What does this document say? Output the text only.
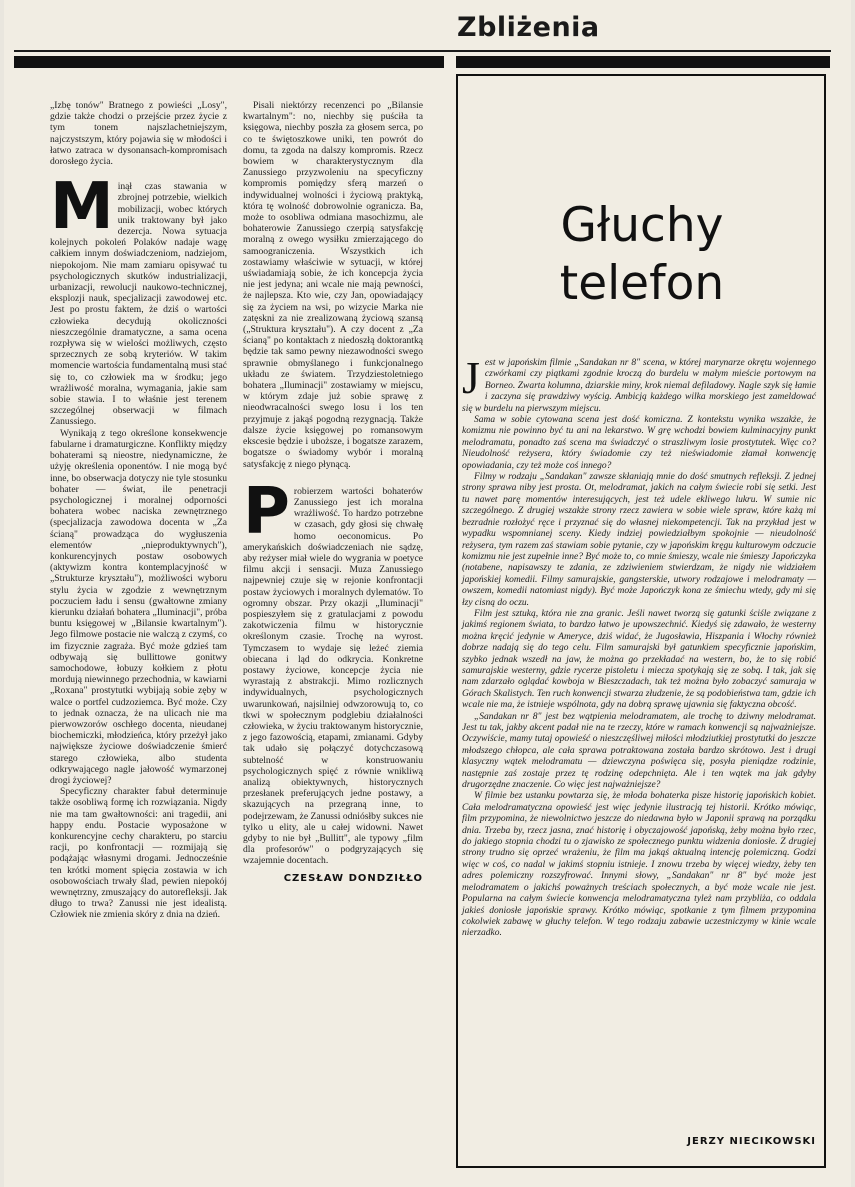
Zbliżenia

„Izbę tonów" Bratnego z powieści „Losy", gdzie także chodzi o przejście przez życie z tym tonem najszlachetniejszym, najczystszym, który pojawia się w młodości i łatwo zatraca w dysonansach-kompromisach dorosłego życia.

Minął czas stawania w zbrojnej potrzebie, wielkich mobilizacji, wobec których unik traktowany był jako dezercja. Nowa sytuacja kolejnych pokoleń Polaków nadaje wagę całkiem innym doświadczeniom, nadziejom, niepokojom. Nie mam zamiaru opisywać tu psychologicznych skutków industrializacji, urbanizacji, rewolucji naukowo-technicznej, eksplozji nauk, specjalizacji zawodowej etc. Jest po prostu faktem, że dziś o wartości człowieka decydują okoliczności nieszczególnie dramatyczne, a sama ocena rozpływa się w wielości możliwych, często sprzecznych ze sobą kryteriów. W takim momencie wartościa fundamentalną musi stać się to, co człowiek ma w środku; jego wrażliwość moralna, wymagania, jakie sam sobie stawia. I to właśnie jest terenem szczególnej obserwacji w filmach Zanussiego.

Wynikają z tego określone konsekwencje fabularne i dramaturgiczne. Konflikty między bohaterami są nieostre, niedynamiczne, że użyję określenia oponentów. I nie mogą być inne, bo obserwacja dotyczy nie tyle stosunku bohater — świat, ile penetracji psychologicznej i moralnej odporności bohatera wobec naciska zewnętrznego (specjalizacja zawodowa docenta w „Za ścianą" prowadząca do wygłuszenia elementów „nieproduktywnych"), konkurencyjnych postaw osobowych (aktywizm kontra kontemplacyjność w „Strukturze kryształu"), możliwości wyboru stylu życia w zgodzie z wewnętrznym poczuciem ładu i sensu (gwałtowne zmiany kierunku działań bohatera „Iluminacji", próba buntu księgowej w „Bilansie kwartalnym"). Jego filmowe postacie nie walczą z czymś, co im fizycznie zagraża. Być może gdzieś tam odbywają się bullittowe gonitwy samochodowe, łobuzy kołkiem z płotu mordują niewinnego przechodnia, w kawiarni „Roxana" prostytutki wybijają sobie zęby w walce o portfel cudzoziemca. Być może. Czy to jednak oznacza, że na ulicach nie ma pierwowzorów oschłego docenta, nieudanej biochemiczki, młodzieńca, który przeżył jako największe życiowe doświadczenie śmierć starego człowieka, albo studenta odkrywającego nagle jałowość wymarzonej drogi życiowej?

Specyficzny charakter fabuł determinuje także osobliwą formę ich rozwiązania. Nigdy nie ma tam gwałtowności: ani tragedii, ani happy endu. Postacie wyposażone w konkurencyjne cechy charakteru, po starciu racji, po konfrontacji — rozmijają się podążając własnymi drogami. Jednocześnie ten krótki moment spięcia zostawia w ich osobowościach trwały ślad, pewien niepokój wewnętrzny, zmuszający do autorefleksji. Jak długo to trwa? Zanussi nie jest idealistą. Człowiek nie zmienia skóry z dnia na dzień.

Pisali niektórzy recenzenci po „Bilansie kwartalnym": no, niechby się puściła ta księgowa, niechby poszła za głosem serca, po co te świętoszkowe uniki, ten powrót do domu, ta zgoda na dalszy kompromis. Rzecz bowiem w charakterystycznym dla Zanussiego przyzwoleniu na specyficzny kompromis pomiędzy sferą marzeń o indywidualnej wolności i życiową praktyką, która tę wolność dobrowolnie ogranicza. Ba, może to osobliwa odmiana masochizmu, ale bohaterowie Zanussiego czerpią satysfakcję moralną z owego wysiłku zmierzającego do samoograniczenia. Wszystkich ich zostawiamy właściwie w sytuacji, w której uświadamiają sobie, że ich koncepcja życia nie jest jedyna; ani wcale nie mają pewności, że najlepsza. Kto wie, czy Jan, opowiadający się za życiem na wsi, po wizycie Marka nie zatęskni za nie zrealizowaną życiową szansą („Struktura kryształu"). A czy docent z „Za ścianą" po kontaktach z niedoszłą doktorantką będzie tak samo pewny niezawodności swego sprawnie obmyślanego i funkcjonalnego układu ze światem. Trzydziestoletniego bohatera „Iluminacji" zostawiamy w miejscu, w którym zdaje już sobie sprawę z nieodwracalności swego losu i los ten przyjmuje z jakąś pogodną rezygnacją. Także dalsze życie księgowej po romansowym ekscesie będzie i uboższe, i bogatsze zarazem, bogatsze o świadomy wybór i moralną satysfakcję z niego płynącą.

Probierzem wartości bohaterów Zanussiego jest ich moralna wrażliwość. To hardzo potrzebne w czasach, gdy głosi się chwałę homo oeconomicus. Po amerykańskich doświadczeniach nie sądzę, aby reżyser miał wiele do wygrania w poetyce filmu akcji i sensacji. Muza Zanussiego najpewniej czuje się w rejonie konfrontacji postaw życiowych i moralnych dylematów. To ogromny obszar. Przy okazji „Iluminacji" pospieszyłem się z gratulacjami z powodu zakotwiczenia filmu w historycznie określonym czasie. Trochę na wyrost. Tymczasem to wydaje się leżeć ziemia obiecana i ląd do odkrycia. Konkretne postawy życiowe, koncepcje życia nie wyrastają z abstrakcji. Mimo rozlicznych indywidualnych, psychologicznych uwarunkowań, najsilniej odwzorowują to, co tkwi w społecznym podglebiu działalności człowieka, w życiu traktowanym historycznie, z jego fazowością, etapami, zmianami. Gdyby tak udało się połączyć dotychczasową subtelność w konstruowaniu psychologicznych spięć z równie wnikliwą analizą obiektywnych, historycznych przesłanek preferujących jedne postawy, a skazujących na przegraną inne, to podejrzewam, że Zanussi odniósłby sukces nie tylko u elity, ale u całej widowni. Nawet gdyby to nie był „Bullitt", ale typowy „film dla profesorów" o podgryzających się wzajemnie docentach.

CZESŁAW DONDZIŁŁO
Głuchy
telefon

Jest w japońskim filmie „Sandakan nr 8" scena, w której marynarze okrętu wojennego czwórkami czy piątkami zgodnie kroczą do burdelu w małym mieście portowym na Borneo. Zwarta kolumna, dziarskie miny, krok niemal defiladowy. Nagle szyk się łamie i zaczyna się prawdziwy wyścig. Ambicją każdego wilka morskiego jest zameldować się w burdelu na pierwszym miejscu.

Sama w sobie cytowana scena jest dość komiczna. Z kontekstu wynika wszakże, że komizmu nie powinno być tu ani na lekarstwo. W grę wchodzi bowiem kulminacyjny punkt melodramatu, ponadto zaś scena ma świadczyć o straszliwym losie prostytutek. Więc co? Nieudolność reżysera, który świadomie czy też nieświadomie złamał konwencję opowiadania, czy też może coś innego?

Filmy w rodzaju „Sandakan" zawsze skłaniają mnie do dość smutnych refleksji. Z jednej strony sprawa niby jest prosta. Ot, melodramat, jakich na całym świecie robi się setki. Jest tu nawet parę momentów interesujących, jest też udele ekliwego lukru. W sumie nic szczególnego. Z drugiej wszakże strony rzecz zawiera w sobie wiele spraw, które każą mi bezradnie rozłożyć ręce i przyznać się do własnej niekompetencji. Tak na przykład jest w wypadku wspomnianej sceny. Kiedy indziej powiedziałbym spokojnie — nieudolność reżysera, tym razem zaś stawiam sobie pytanie, czy w japońskim kręgu kulturowym odczucie komizmu nie jest zupełnie inne? Być może to, co mnie śmieszy, wcale nie śmieszy Japończyka (notabene, napisawszy te zdania, ze zdziwieniem stwierdzam, że nigdy nie widziałem japońskiej komedii. Filmy samurajskie, gangsterskie, utwory rodzajowe i melodramaty — owszem, komedii natomiast nigdy). Być może Japończyk kona ze śmiechu wtedy, gdy mi się łzy cisną do oczu.

Film jest sztuką, która nie zna granic. Jeśli nawet tworzą się gatunki ściśle związane z jakimś regionem świata, to bardzo łatwo je upowszechnić. Kiedyś się zdawało, że westerny można kręcić jedynie w Ameryce, dziś widać, że Jugosławia, Hiszpania i Włochy również dobrze nadają się do tego celu. Film samurajski był gatunkiem specyficznie japońskim, szybko jednak wszedł na jaw, że można go przekładać na western, bo, że to się robić samurajskie westerny, gdzie rycerze pistoletu i miecza spotykają się ze sobą. I tak, jak się nam zdarzało oglądać kowboja w Bieszczadach, tak też można było zobaczyć samuraja w Górach Skalistych. Ten ruch konwencji stwarza złudzenie, że są podobieństwa tam, gdzie ich wcale nie ma, że istnieje wspólnota, gdy na dobrą sprawę ujawnia się faktyczna obcość.

„Sandakan nr 8" jest bez wątpienia melodramatem, ale trochę to dziwny melodramat. Jest tu tak, jakby akcent padał nie na te rzeczy, które w ramach konwencji są najważniejsze. Oczywiście, mamy tutaj opowieść o nieszczęśliwej miłości młodziutkiej prostytutki do jeszcze młodszego chłopca, ale cała sprawa potraktowana została bardzo skrótowo. Jest i drugi klasyczny wątek melodramatu — dziewczyna poświęca się, posyła pieniądze rodzinie, następnie zaś zostaje przez tę rodzinę odepchnięta. Ale i ten wątek ma jak gdyby drugorzędne znaczenie. Co więc jest najważniejsze?

W filmie bez ustanku powtarza się, że młoda bohaterka pisze historię japońskich kobiet. Cała melodramatyczna opowieść jest więc jedynie ilustracją tej historii. Krótko mówiąc, film przypomina, że niewolnictwo jeszcze do niedawna było w Japonii sprawą na porządku dnia. Trzeba by, rzecz jasna, znać historię i obyczajowość japońską, żeby można było rzec, do jakiego stopnia chodzi tu o zjawisko ze społecznego punktu widzenia doniosłe. Z drugiej strony trudno się oprzeć wrażeniu, że film ma jakąś aktualną intencję polemiczną. Godzi więc w coś, co nadal w jakimś stopniu istnieje. I znowu trzeba by więcej wiedzy, żeby ten adres polemiczny rozszyfrować. Innymi słowy, „Sandakan" nr 8" być może jest melodramatem o jakichś poważnych treściach społecznych, a być może wcale nie jest. Popularna na całym świecie konwencja melodramatyczna tyleż nam przybliża, co oddala jakieś doniosłe japońskie sprawy. Krótko mówiąc, spotkanie z tym filmem przypomina cokolwiek zabawę w głuchy telefon. W tego rodzaju zabawie uczestniczymy w kinie wcale nierzadko.

JERZY NIECIKOWSKI
